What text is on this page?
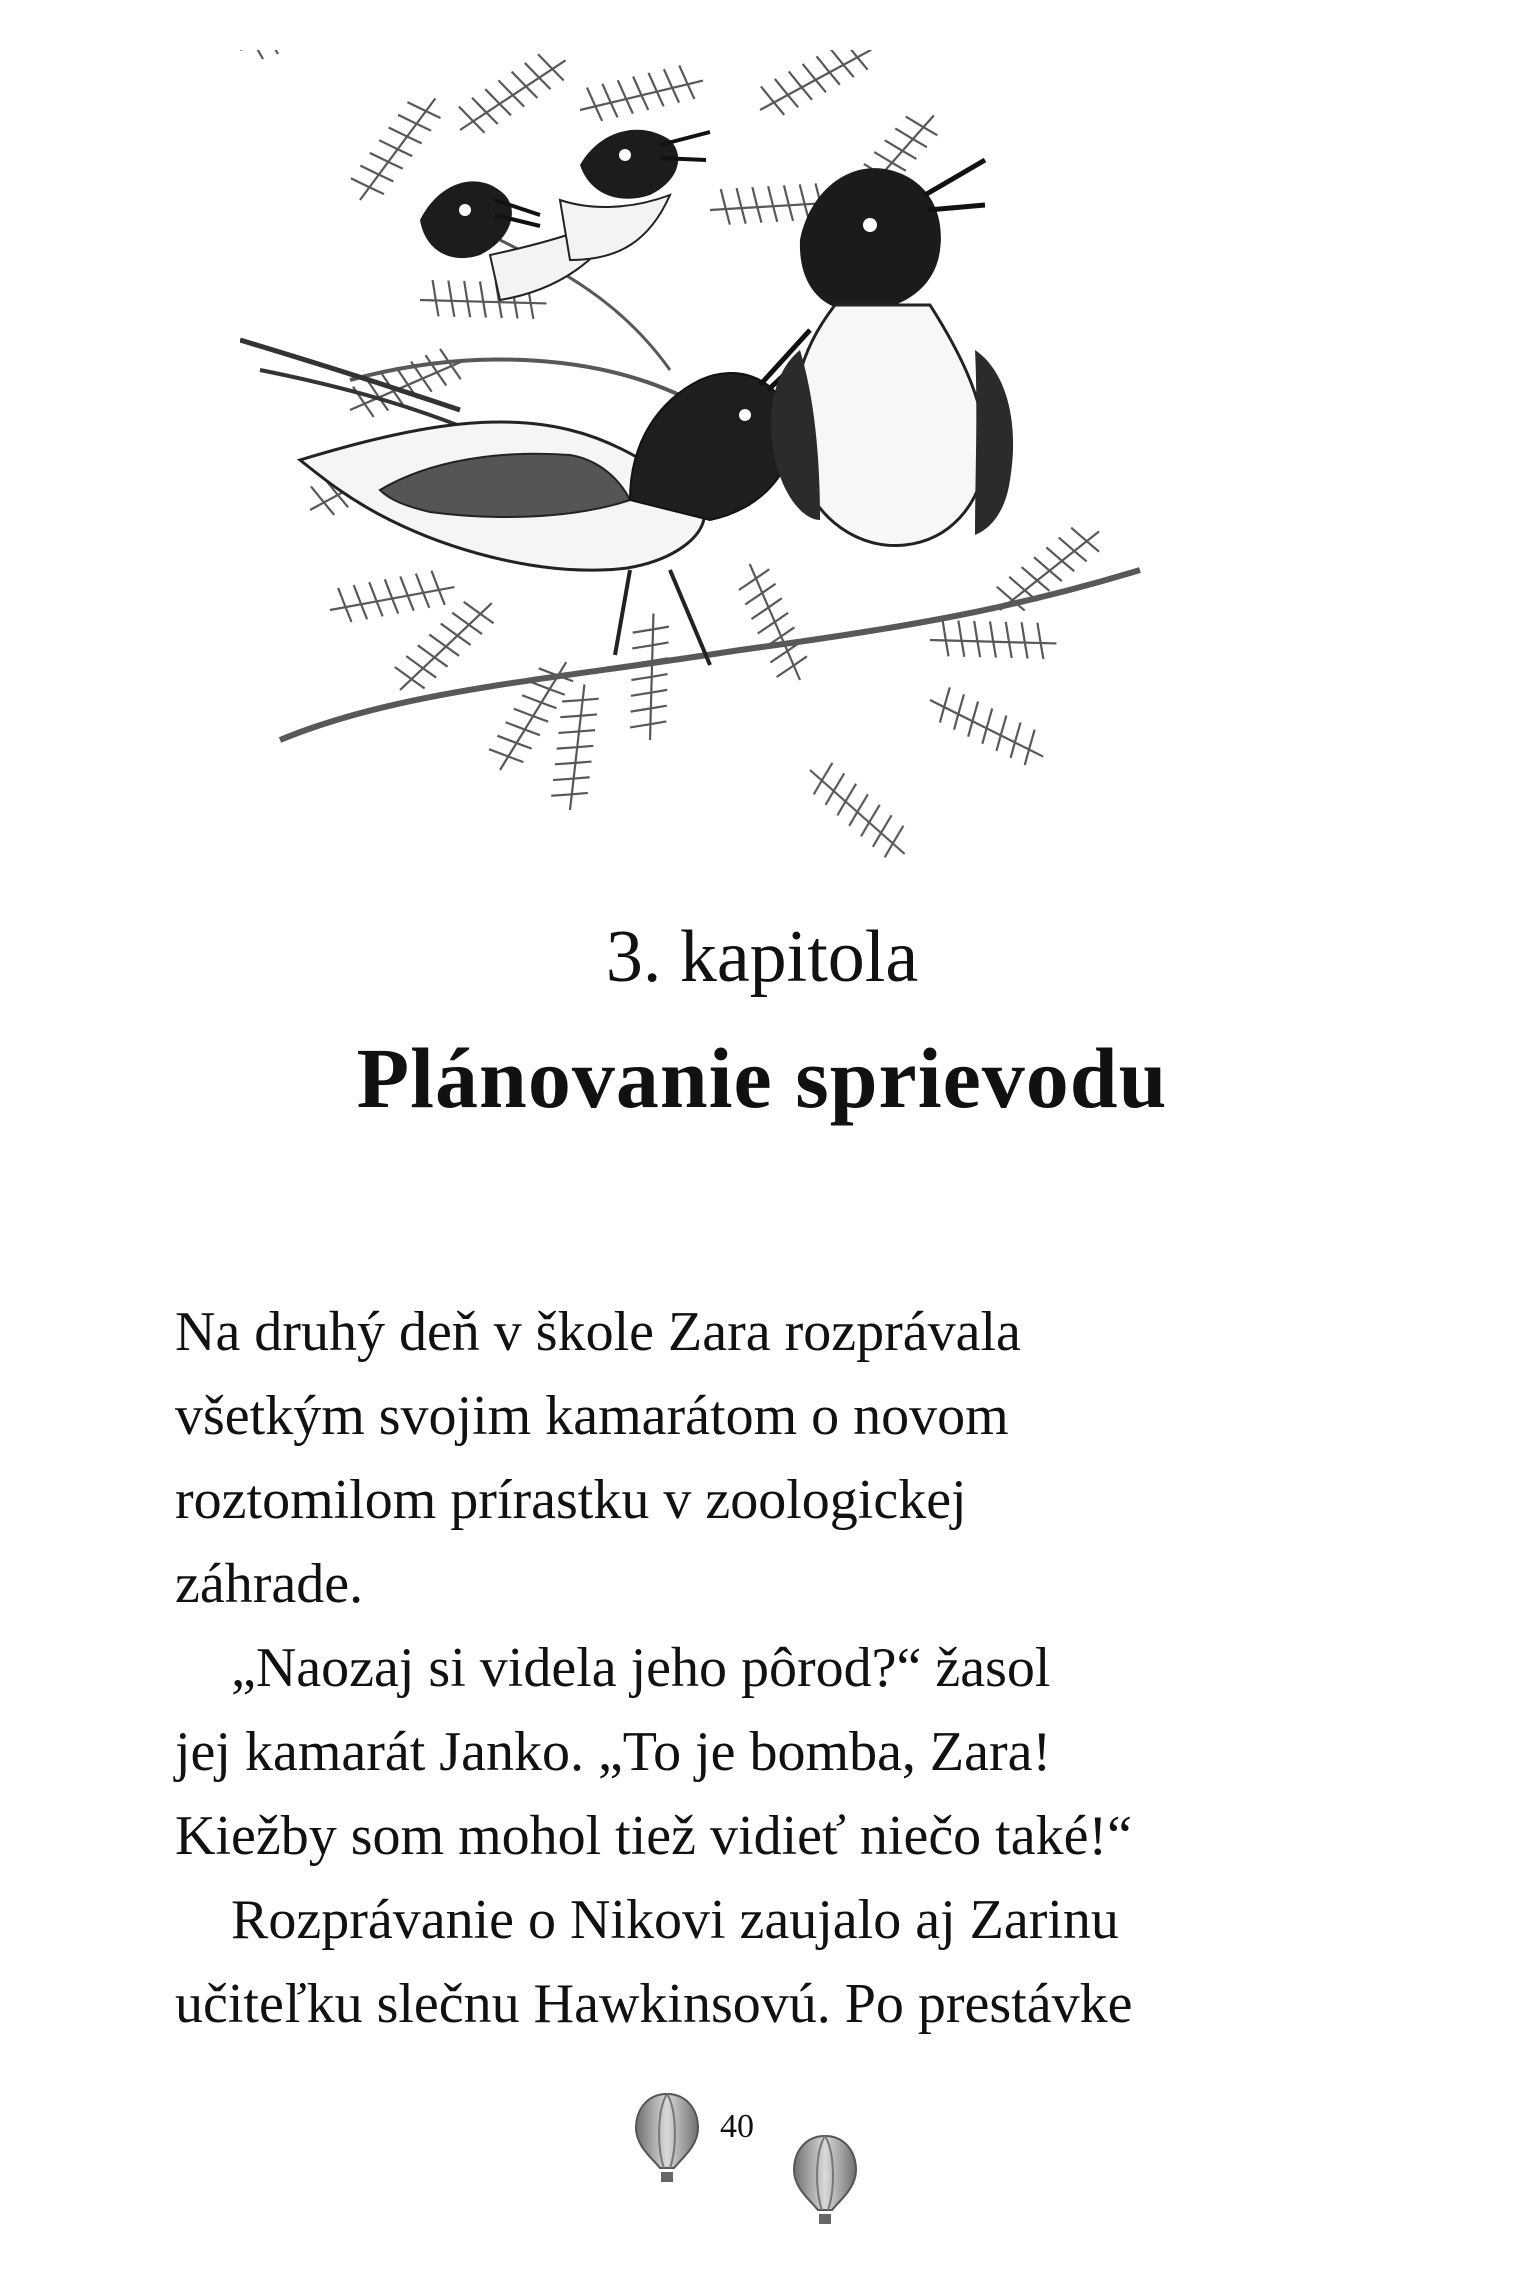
3. kapitola
Plánovanie sprievodu
Na druhý deň v škole Zara rozprávala
všetkým svojim kamarátom o novom
roztomilom prírastku v zoologickej
záhrade.
„Naozaj si videla jeho pôrod?“ žasol
jej kamarát Janko. „To je bomba, Zara!
Kiežby som mohol tiež vidieť niečo také!“
Rozprávanie o Nikovi zaujalo aj Zarinu
učiteľku slečnu Hawkinsovú. Po prestávke
40
